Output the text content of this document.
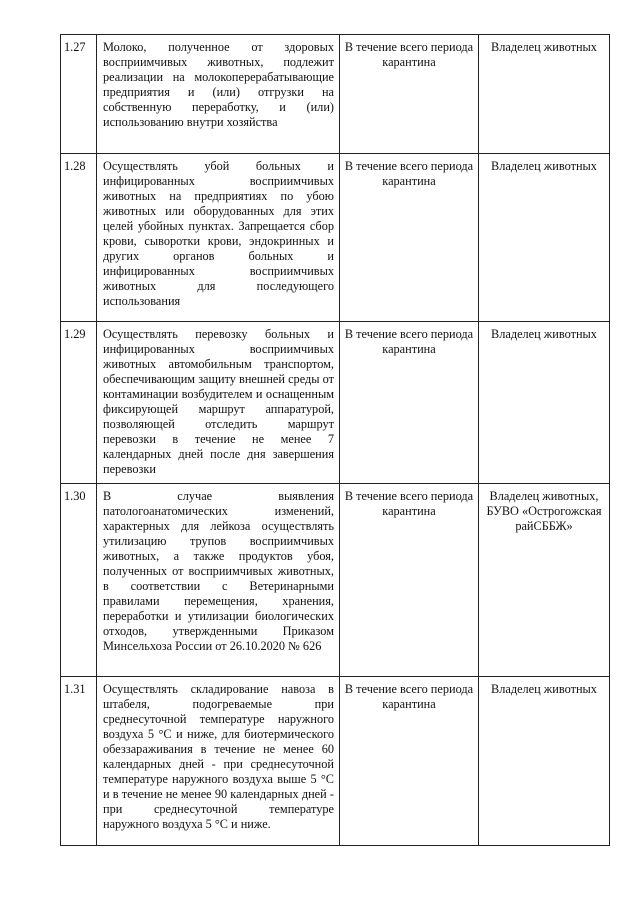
1.27	Молоко, полученное от здоровых восприимчивых животных, подлежит реализации на молокоперерабатывающие предприятия и (или) отгрузки на собственную переработку, и (или) использованию внутри хозяйства	В течение всего периода карантина	Владелец животных
1.28	Осуществлять убой больных и инфицированных восприимчивых животных на предприятиях по убою животных или оборудованных для этих целей убойных пунктах. Запрещается сбор крови, сыворотки крови, эндокринных и других органов больных и инфицированных восприимчивых животных для последующего использования	В течение всего периода карантина	Владелец животных
1.29	Осуществлять перевозку больных и инфицированных восприимчивых животных автомобильным транспортом, обеспечивающим защиту внешней среды от контаминации возбудителем и оснащенным фиксирующей маршрут аппаратурой, позволяющей отследить маршрут перевозки в течение не менее 7 календарных дней после дня завершения перевозки	В течение всего периода карантина	Владелец животных
1.30	В случае выявления патологоанатомических изменений, характерных для лейкоза осуществлять утилизацию трупов восприимчивых животных, а также продуктов убоя, полученных от восприимчивых животных, в соответствии с Ветеринарными правилами перемещения, хранения, переработки и утилизации биологических отходов, утвержденными Приказом Минсельхоза России от 26.10.2020 № 626	В течение всего периода карантина	Владелец животных, БУВО «Острогожская райСББЖ»
1.31	Осуществлять складирование навоза в штабеля, подогреваемые при среднесуточной температуре наружного воздуха 5 °С и ниже, для биотермического обеззараживания в течение не менее 60 календарных дней - при среднесуточной температуре наружного воздуха выше 5 °С и в течение не менее 90 календарных дней - при среднесуточной температуре наружного воздуха 5 °С и ниже.	В течение всего периода карантина	Владелец животных
